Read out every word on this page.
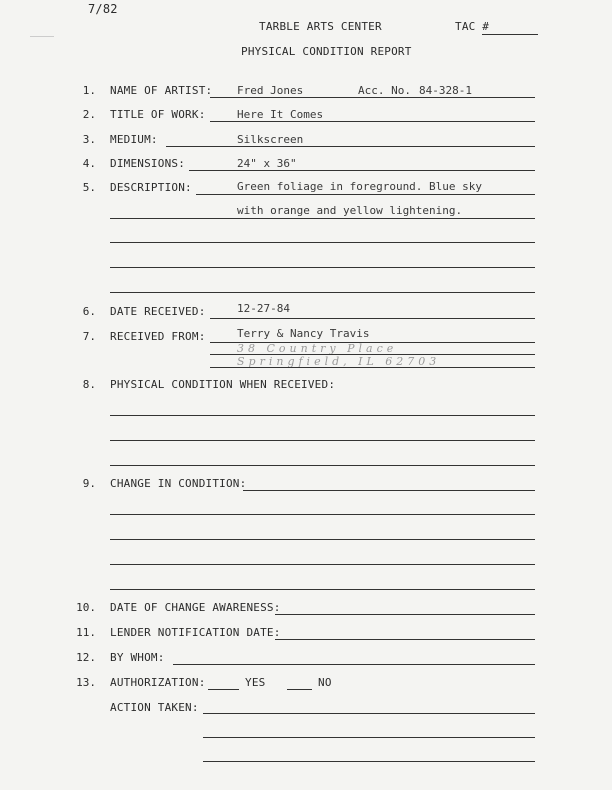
7/82
TARBLE ARTS CENTER	TAC #
PHYSICAL CONDITION REPORT
1. NAME OF ARTIST: Fred Jones	Acc. No. 84-328-1
2. TITLE OF WORK:	Here It Comes
3. MEDIUM:	Silkscreen
4. DIMENSIONS:	24" x 36"
5. DESCRIPTION:	Green foliage in foreground. Blue sky
with orange and yellow lightening.
6. DATE RECEIVED:	12-27-84
7. RECEIVED FROM:	Terry & Nancy Travis
38 Country Place
Springfield, IL 62703
8. PHYSICAL CONDITION WHEN RECEIVED:
9. CHANGE IN CONDITION:
10. DATE OF CHANGE AWARENESS:
11. LENDER NOTIFICATION DATE:
12. BY WHOM:
13. AUTHORIZATION:	YES	NO
ACTION TAKEN:
